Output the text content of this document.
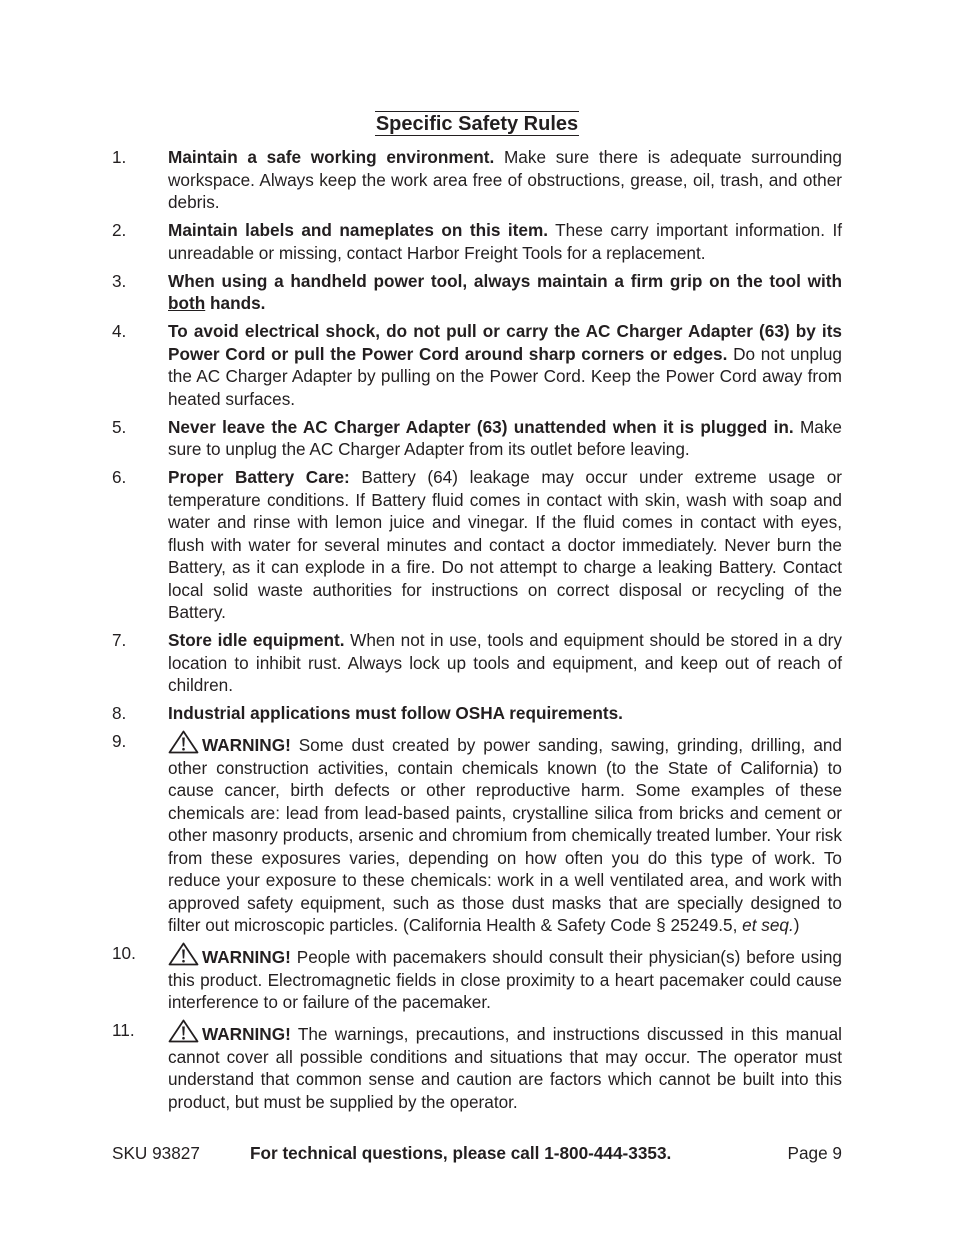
Specific Safety Rules
1. Maintain a safe working environment. Make sure there is adequate surrounding workspace. Always keep the work area free of obstructions, grease, oil, trash, and other debris.
2. Maintain labels and nameplates on this item. These carry important information. If unreadable or missing, contact Harbor Freight Tools for a replacement.
3. When using a handheld power tool, always maintain a firm grip on the tool with both hands.
4. To avoid electrical shock, do not pull or carry the AC Charger Adapter (63) by its Power Cord or pull the Power Cord around sharp corners or edges. Do not unplug the AC Charger Adapter by pulling on the Power Cord. Keep the Power Cord away from heated surfaces.
5. Never leave the AC Charger Adapter (63) unattended when it is plugged in. Make sure to unplug the AC Charger Adapter from its outlet before leaving.
6. Proper Battery Care: Battery (64) leakage may occur under extreme usage or temperature conditions. If Battery fluid comes in contact with skin, wash with soap and water and rinse with lemon juice and vinegar. If the fluid comes in contact with eyes, flush with water for several minutes and contact a doctor immediately. Never burn the Battery, as it can explode in a fire. Do not attempt to charge a leaking Battery. Contact local solid waste authorities for instructions on correct disposal or recycling of the Battery.
7. Store idle equipment. When not in use, tools and equipment should be stored in a dry location to inhibit rust. Always lock up tools and equipment, and keep out of reach of children.
8. Industrial applications must follow OSHA requirements.
9.	WARNING! Some dust created by power sanding, sawing, grinding, drilling, and other construction activities, contain chemicals known (to the State of California) to cause cancer, birth defects or other reproductive harm. Some examples of these chemicals are: lead from lead-based paints, crystalline silica from bricks and cement or other masonry products, arsenic and chromium from chemically treated lumber. Your risk from these exposures varies, depending on how often you do this type of work. To reduce your exposure to these chemicals: work in a well ventilated area, and work with approved safety equipment, such as those dust masks that are specially designed to filter out microscopic particles. (California Health & Safety Code § 25249.5, et seq.)
10.	WARNING! People with pacemakers should consult their physician(s) before using this product. Electromagnetic fields in close proximity to a heart pacemaker could cause interference to or failure of the pacemaker.
11.	WARNING! The warnings, precautions, and instructions discussed in this manual cannot cover all possible conditions and situations that may occur. The operator must understand that common sense and caution are factors which cannot be built into this product, but must be supplied by the operator.
SKU 93827	For technical questions, please call 1-800-444-3353.	Page 9
